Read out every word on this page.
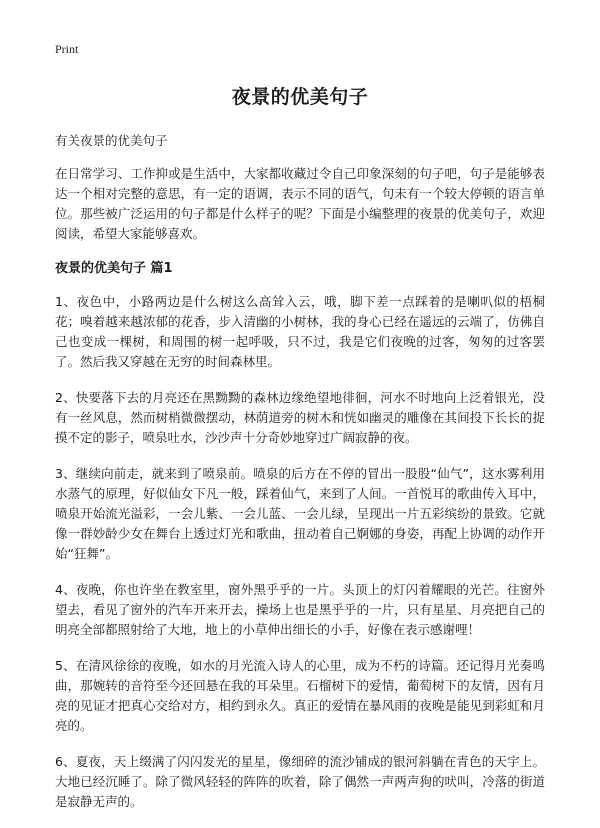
Print
夜景的优美句子

有关夜景的优美句子

在日常学习、工作抑或是生活中，大家都收藏过令自己印象深刻的句子吧，句子是能够表达一个相对完整的意思，有一定的语调，表示不同的语气，句未有一个较大停顿的语言单位。那些被广泛运用的句子都是什么样子的呢？下面是小编整理的夜景的优美句子，欢迎阅读，希望大家能够喜欢。

夜景的优美句子 篇1

1、夜色中，小路两边是什么树这么高耸入云，哦，脚下差一点踩着的是喇叭似的梧桐花；嗅着越来越浓郁的花香，步入清幽的小树林，我的身心已经在遥远的云端了，仿佛自己也变成一棵树，和周围的树一起呼吸，只不过，我是它们夜晚的过客，匆匆的过客罢了。然后我又穿越在无穷的时间森林里。

2、快要落下去的月亮还在黑黝黝的森林边缘绝望地徘徊，河水不时地向上泛着银光，没有一丝风息，然而树梢微微摆动，林荫道旁的树木和恍如幽灵的雕像在其间投下长长的捉摸不定的影子，喷泉吐水，沙沙声十分奇妙地穿过广阔寂静的夜。

3、继续向前走，就来到了喷泉前。喷泉的后方在不停的冒出一股股“仙气”，这水雾利用水蒸气的原理，好似仙女下凡一般，踩着仙气，来到了人间。一首悦耳的歌曲传入耳中，喷泉开始流光溢彩，一会儿紫、一会儿蓝、一会儿绿，呈现出一片五彩缤纷的景致。它就像一群妙龄少女在舞台上透过灯光和歌曲，扭动着自己婀娜的身姿，再配上协调的动作开始“狂舞”。

4、夜晚，你也许坐在教室里，窗外黑乎乎的一片。头顶上的灯闪着耀眼的光芒。往窗外望去，看见了窗外的汽车开来开去，操场上也是黑乎乎的一片，只有星星、月亮把自己的明亮全部都照射给了大地，地上的小草伸出细长的小手，好像在表示感谢哩！

5、在清风徐徐的夜晚，如水的月光流入诗人的心里，成为不朽的诗篇。还记得月光奏鸣曲，那婉转的音符至今还回悬在我的耳朵里。石榴树下的爱情，葡萄树下的友情，因有月亮的见证才把真心交给对方，相约到永久。真正的爱情在暴风雨的夜晚是能见到彩虹和月亮的。

6、夏夜，天上缀满了闪闪发光的星星，像细碎的流沙铺成的银河斜躺在青色的天宇上。大地已经沉睡了。除了微风轻轻的阵阵的吹着，除了偶然一声两声狗的吠叫，冷落的街道是寂静无声的。
